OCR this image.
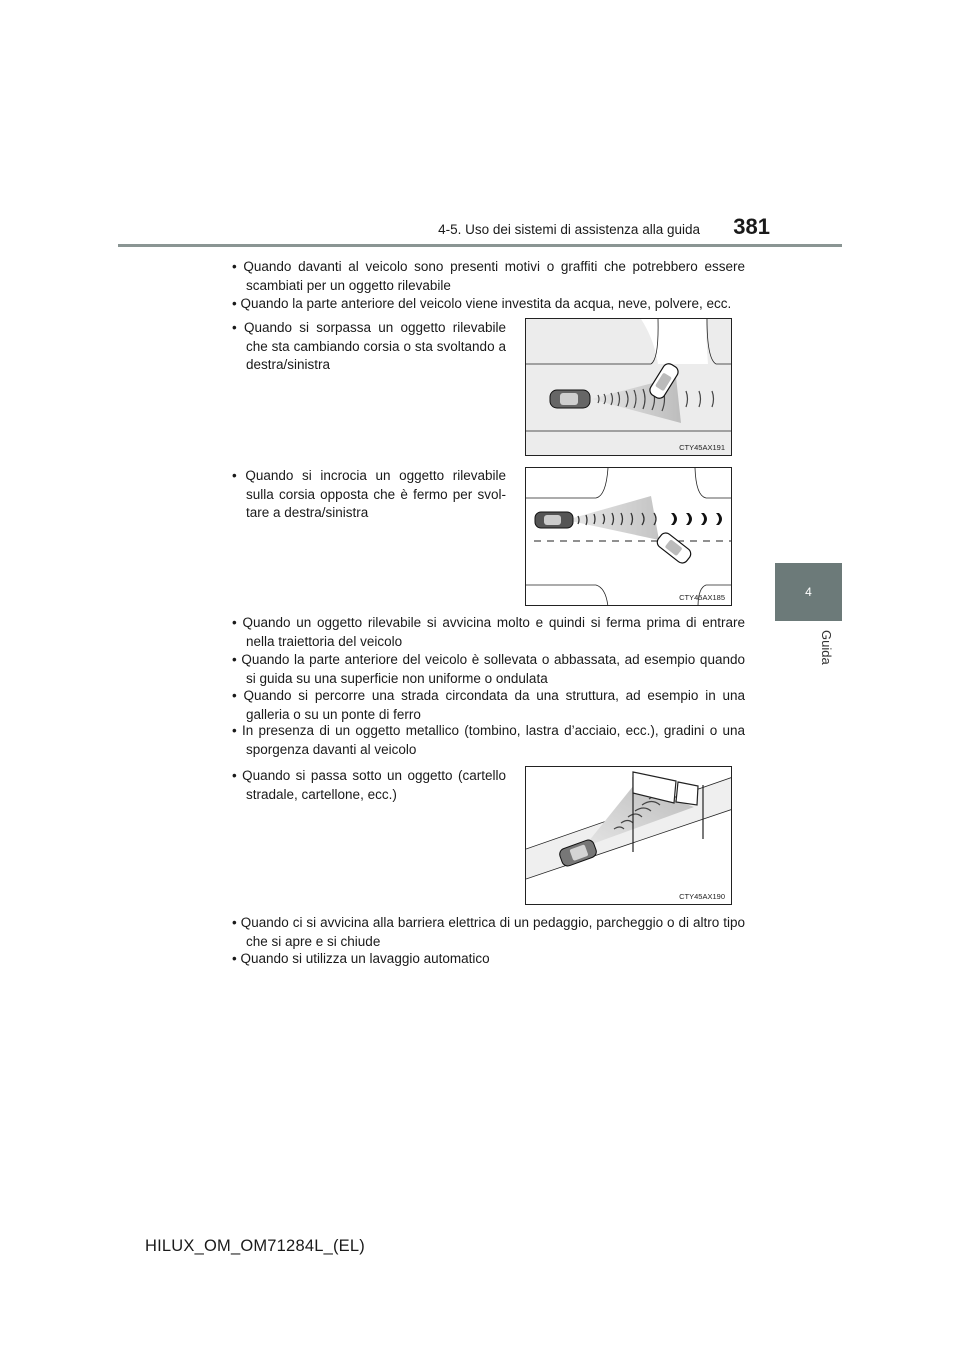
4-5. Uso dei sistemi di assistenza alla guida	381
4
Guida
• Quando davanti al veicolo sono presenti motivi o graffiti che potrebbero essere scambiati per un oggetto rilevabile
• Quando la parte anteriore del veicolo viene investita da acqua, neve, polvere, ecc.
• Quando si sorpassa un oggetto rilevabile che sta cambiando corsia o sta svoltando a destra/sinistra
CTY45AX191
• Quando si incrocia un oggetto rilevabile sulla corsia opposta che è fermo per svol-tare a destra/sinistra
CTY45AX185
• Quando un oggetto rilevabile si avvicina molto e quindi si ferma prima di entrare nella traiettoria del veicolo
• Quando la parte anteriore del veicolo è sollevata o abbassata, ad esempio quando si guida su una superficie non uniforme o ondulata
• Quando si percorre una strada circondata da una struttura, ad esempio in una galleria o su un ponte di ferro
• In presenza di un oggetto metallico (tombino, lastra d’acciaio, ecc.), gradini o una sporgenza davanti al veicolo
• Quando si passa sotto un oggetto (cartello stradale, cartellone, ecc.)
CTY45AX190
• Quando ci si avvicina alla barriera elettrica di un pedaggio, parcheggio o di altro tipo che si apre e si chiude
• Quando si utilizza un lavaggio automatico
HILUX_OM_OM71284L_(EL)
